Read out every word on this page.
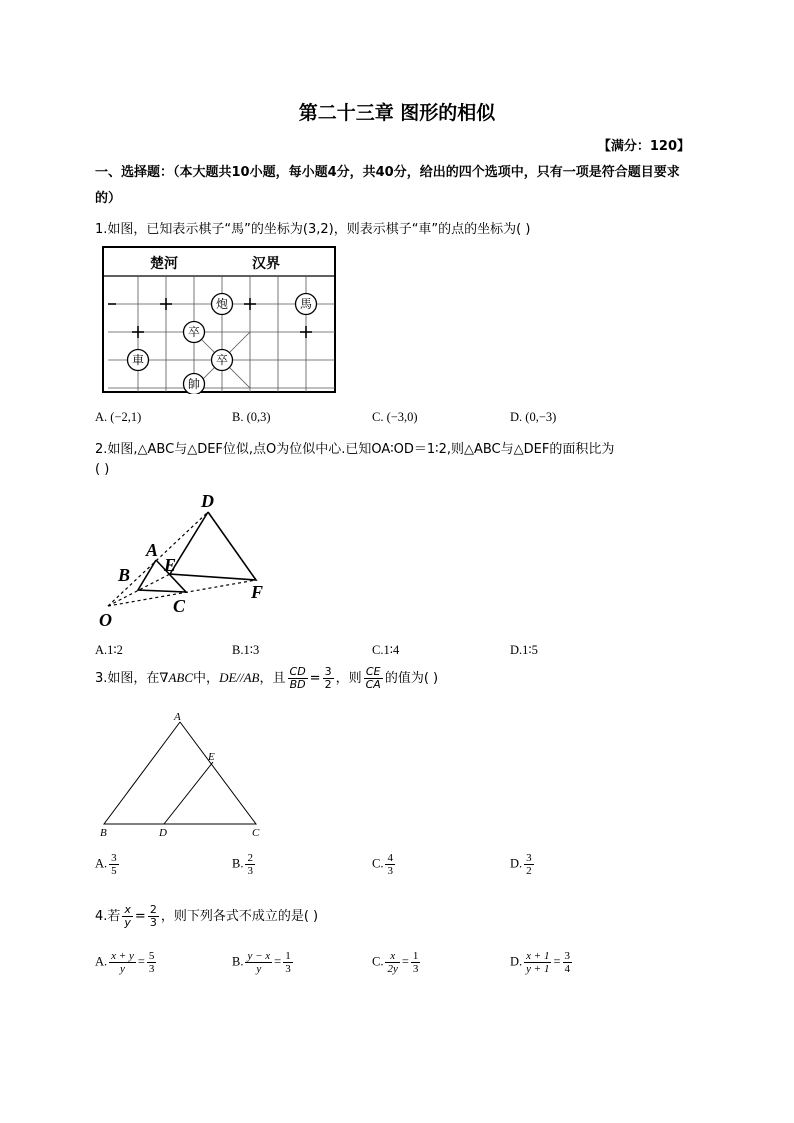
第二十三章 图形的相似
【满分：120】
一、选择题：（本大题共10小题，每小题4分，共40分，给出的四个选项中，只有一项是符合题目要求的）
1.如图，已知表示棋子“馬”的坐标为(3,2)，则表示棋子“車”的点的坐标为( )
楚河	汉界
炮	馬
卒
車	卒
帥
A. (−2,1)	B. (0,3)	C. (−3,0)	D. (0,−3)
2.如图,△ABC与△DEF位似,点O为位似中心.已知OA∶OD＝1∶2,则△ABC与△DEF的面积比为
( )
D
A
E
B
C
F
O
A.1∶2	B.1∶3	C.1∶4	D.1∶5
3.如图，在∇ABC中，DE//AB，且 $\frac{CD}{BD} = \frac{3}{2}$ ，则 $\frac{CE}{CA}$ 的值为( )
A
E
B	D	C
A. $\frac{3}{5}$	B. $\frac{2}{3}$	C. $\frac{4}{3}$	D. $\frac{3}{2}$
4.若 $\frac{x}{y} = \frac{2}{3}$ ，则下列各式不成立的是( )
A. $\frac{x + y}{y} = \frac{5}{3}$	B. $\frac{y - x}{y} = \frac{1}{3}$	C. $\frac{x}{2y} = \frac{1}{3}$	D. $\frac{x + 1}{y + 1} = \frac{3}{4}$
